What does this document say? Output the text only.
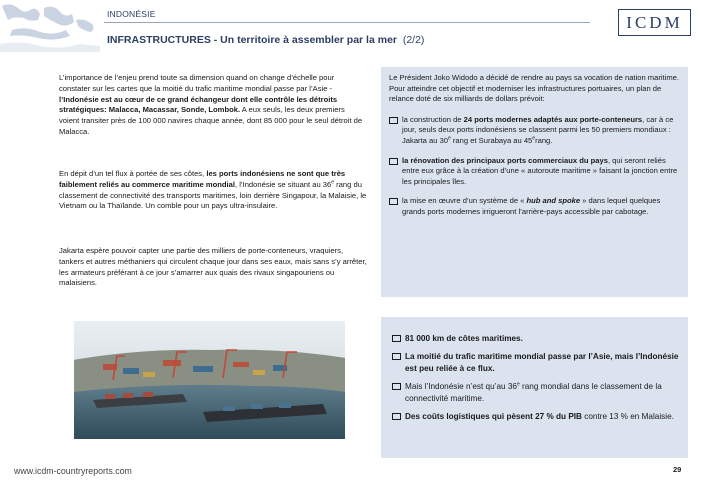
INDONÉSIE
INFRASTRUCTURES - Un territoire à assembler par la mer (2/2)
ICDM
L’importance de l’enjeu prend toute sa dimension quand on change d’échelle pour constater sur les cartes que la moitié du trafic maritime mondial passe par l’Asie - l’Indonésie est au cœur de ce grand échangeur dont elle contrôle les détroits stratégiques: Malacca, Macassar, Sonde, Lombok. A eux seuls, les deux premiers voient transiter près de 100 000 navires chaque année, dont 85 000 pour le seul détroit de Malacca.
En dépit d’un tel flux à portée de ses côtes, les ports indonésiens ne sont que très faiblement reliés au commerce maritime mondial, l’Indonésie se situant au 36e rang du classement de connectivité des transports maritimes, loin derrière Singapour, la Malaisie, le Vietnam ou la Thaïlande. Un comble pour un pays ultra-insulaire.
Jakarta espère pouvoir capter une partie des milliers de porte-conteneurs, vraquiers, tankers et autres méthaniers qui circulent chaque jour dans ses eaux, mais sans s’y arrêter, les armateurs préférant à ce jour s’amarrer aux quais des rivaux singapouriens ou malaisiens.
Le Président Joko Widodo a décidé de rendre au pays sa vocation de nation maritime. Pour atteindre cet objectif et moderniser les infrastructures portuaires, un plan de relance doté de six milliards de dollars prévoit:
la construction de 24 ports modernes adaptés aux porte-conteneurs, car à ce jour, seuls deux ports indonésiens se classent parmi les 50 premiers mondiaux : Jakarta au 30e rang et Surabaya au 45erang.
la rénovation des principaux ports commerciaux du pays, qui seront reliés entre eux grâce à la création d’une « autoroute maritime » faisant la jonction entre les principales îles.
la mise en œuvre d’un système de « hub and spoke » dans lequel quelques grands ports modernes irrigueront l’arrière-pays accessible par cabotage.
81 000 km de côtes maritimes.
La moitié du trafic maritime mondial passe par l’Asie, mais l’Indonésie est peu reliée à ce flux.
Mais l’Indonésie n’est qu’au 36e rang mondial dans le classement de la connectivité maritime.
Des coûts logistiques qui pèsent 27 % du PIB contre 13 % en Malaisie.
www.icdm-countryreports.com	29
